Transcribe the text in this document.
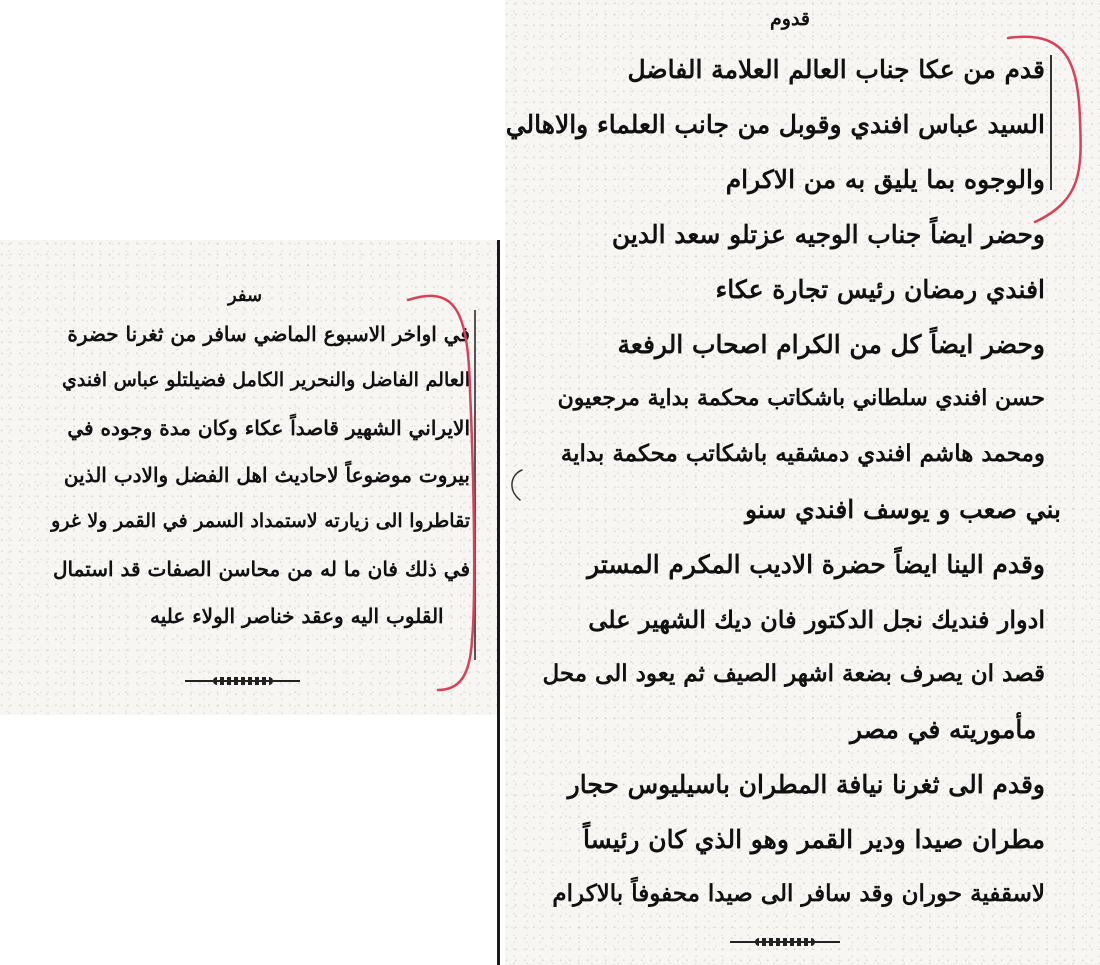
قدوم
قدم من عكا جناب العالم العلامة الفاضل
السيد عباس افندي وقوبل من جانب العلماء والاهالي
والوجوه بما يليق به من الاكرام
وحضر ايضاً جناب الوجيه عزتلو سعد الدين
افندي رمضان رئيس تجارة عكاء
وحضر ايضاً كل من الكرام اصحاب الرفعة
حسن افندي سلطاني باشكاتب محكمة بداية مرجعيون
ومحمد هاشم افندي دمشقيه باشكاتب محكمة بداية
بني صعب و يوسف افندي سنو
وقدم الينا ايضاً حضرة الاديب المكرم المستر
ادوار فنديك نجل الدكتور فان ديك الشهير على
قصد ان يصرف بضعة اشهر الصيف ثم يعود الى محل
مأموريته في مصر
وقدم الى ثغرنا نيافة المطران باسيليوس حجار
مطران صيدا ودير القمر وهو الذي كان رئيساً
لاسقفية حوران وقد سافر الى صيدا محفوفاً بالاكرام
سفر
في اواخر الاسبوع الماضي سافر من ثغرنا حضرة
العالم الفاضل والنحرير الكامل فضيلتلو عباس افندي
الايراني الشهير قاصداً عكاء وكان مدة وجوده في
بيروت موضوعاً لاحاديث اهل الفضل والادب الذين
تقاطروا الى زيارته لاستمداد السمر في القمر ولا غرو
في ذلك فان ما له من محاسن الصفات قد استمال
القلوب اليه وعقد خناصر الولاء عليه
